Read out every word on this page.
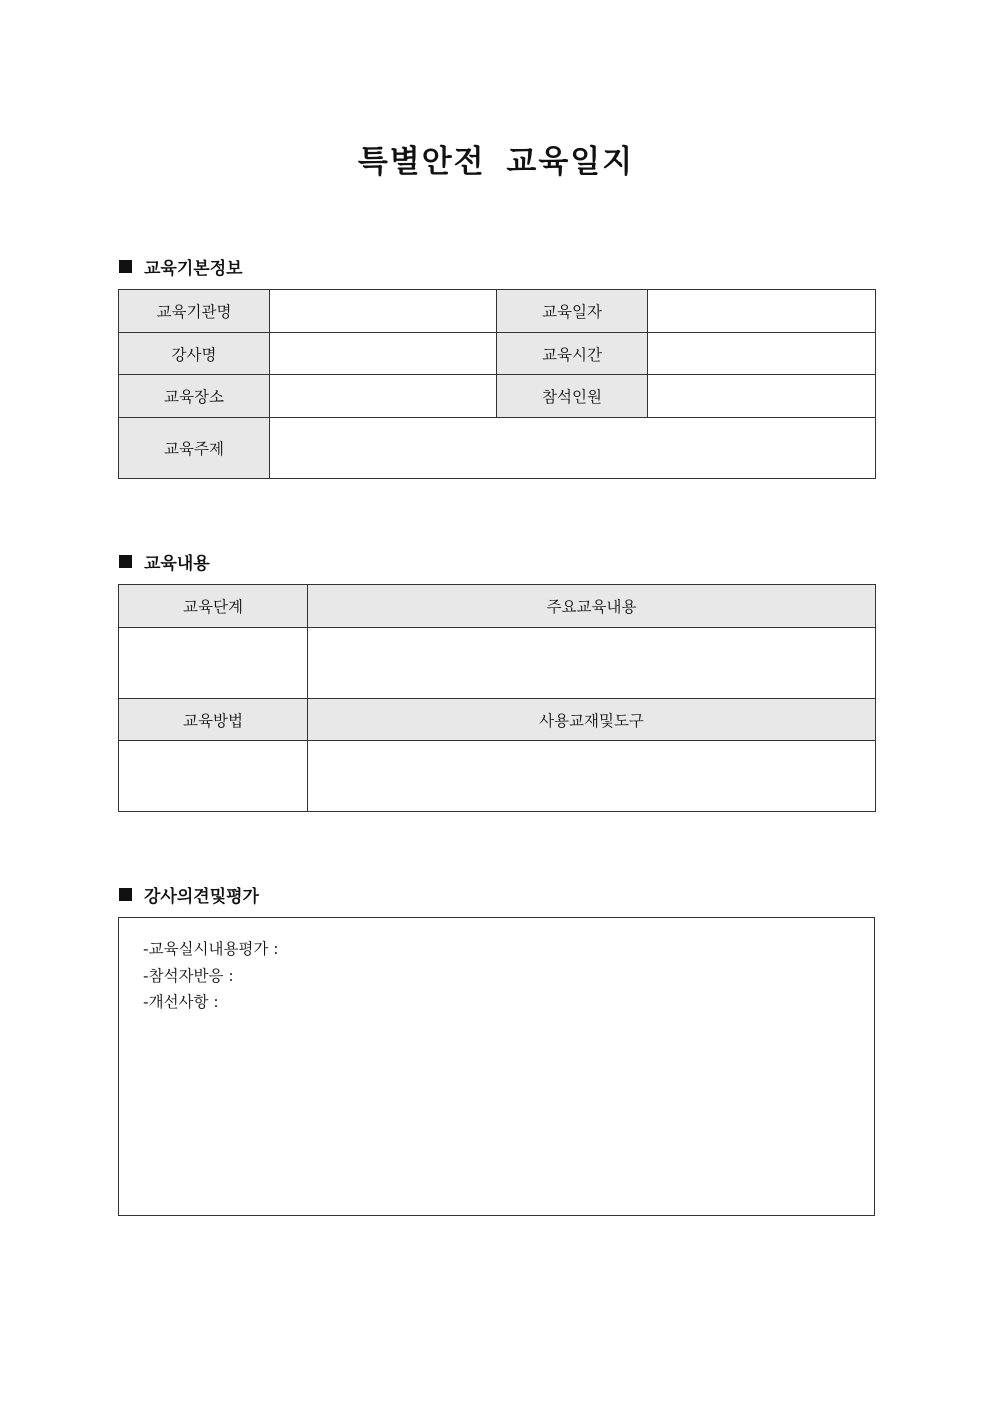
특별안전 교육일지
교육기본정보
교육기관명		교육일자	
강사명		교육시간	
교육장소		참석인원	
교육주제			
교육내용
교육단계	주요교육내용

교육방법	사용교재및도구

강사의견및평가
-교육실시내용평가 :
-참석자반응 :
-개선사항 :
